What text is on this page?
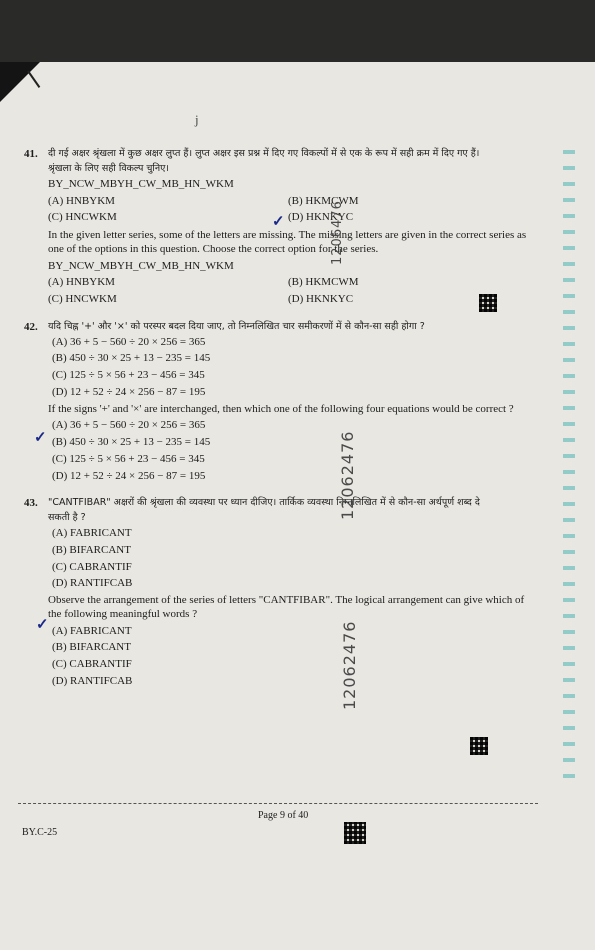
j
41. दी गई अक्षर श्रृंखला में कुछ अक्षर लुप्त हैं। लुप्त अक्षर इस प्रश्न में दिए गए विकल्पों में से एक के रूप में सही क्रम में दिए गए हैं।
श्रृंखला के लिए सही विकल्प चुनिए।
BY_NCW_MBYH_CW_MB_HN_WKM
(A) HNBYKM	(B) HKMCWM
(C) HNCWKM	(D) HKNKYC
In the given letter series, some of the letters are missing. The missing letters are given in the correct series as one of the options in this question. Choose the correct option for the series.
BY_NCW_MBYH_CW_MB_HN_WKM
(A) HNBYKM	(B) HKMCWM
(C) HNCWKM	(D) HKNKYC
42. यदि चिह्न '+' और '×' को परस्पर बदल दिया जाए, तो निम्नलिखित चार समीकरणों में से कौन-सा सही होगा ?
(A) 36 + 5 − 560 ÷ 20 × 256 = 365
(B) 450 ÷ 30 × 25 + 13 − 235 = 145
(C) 125 ÷ 5 × 56 + 23 − 456 = 345
(D) 12 + 52 ÷ 24 × 256 − 87 = 195
If the signs '+' and '×' are interchanged, then which one of the following four equations would be correct ?
(A) 36 + 5 − 560 ÷ 20 × 256 = 365
(B) 450 ÷ 30 × 25 + 13 − 235 = 145
(C) 125 ÷ 5 × 56 + 23 − 456 = 345
(D) 12 + 52 ÷ 24 × 256 − 87 = 195
43. "CANTFIBAR" अक्षरों की श्रृंखला की व्यवस्था पर ध्यान दीजिए। तार्किक व्यवस्था निम्नलिखित में से कौन-सा अर्थपूर्ण शब्द दे
सकती है ?
(A) FABRICANT
(B) BIFARCANT
(C) CABRANTIF
(D) RANTIFCAB
Observe the arrangement of the series of letters "CANTFIBAR". The logical arrangement can give which of the following meaningful words ?
(A) FABRICANT
(B) BIFARCANT
(C) CABRANTIF
(D) RANTIFCAB
1206476
12062476
12062476
✓
✓
✓
Page 9 of 40
BY.C-25
